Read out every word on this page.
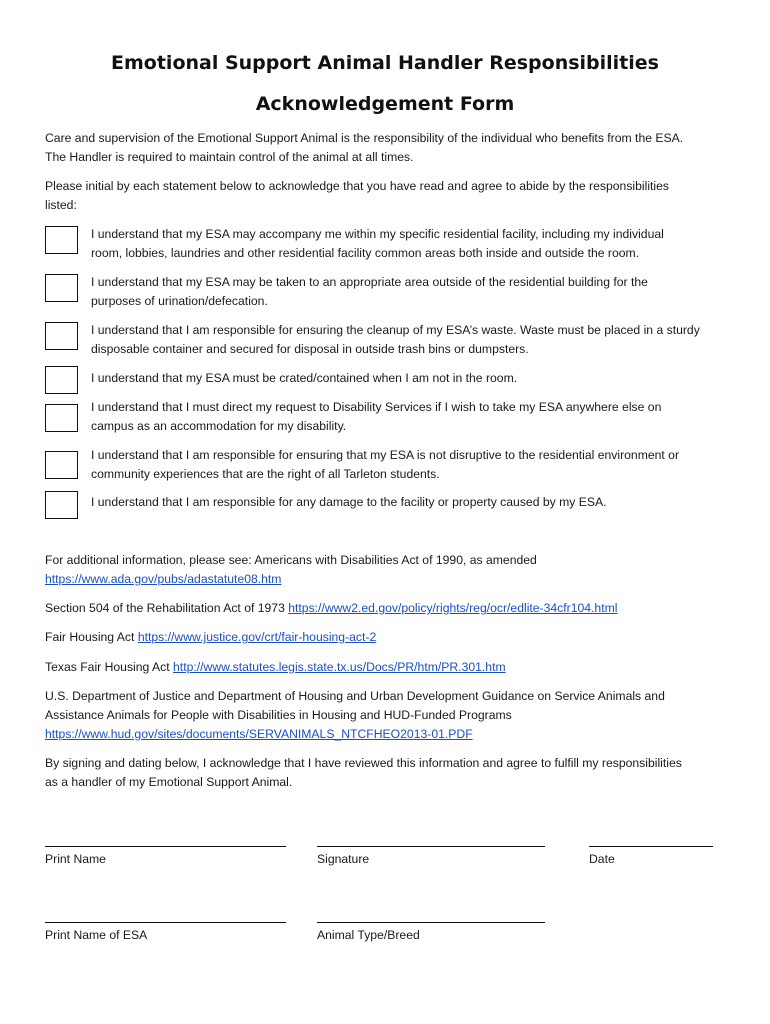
Emotional Support Animal Handler Responsibilities
Acknowledgement Form
Care and supervision of the Emotional Support Animal is the responsibility of the individual who benefits from the ESA.
The Handler is required to maintain control of the animal at all times.
Please initial by each statement below to acknowledge that you have read and agree to abide by the responsibilities
listed:
I understand that my ESA may accompany me within my specific residential facility, including my individual
room, lobbies, laundries and other residential facility common areas both inside and outside the room.
I understand that my ESA may be taken to an appropriate area outside of the residential building for the
purposes of urination/defecation.
I understand that I am responsible for ensuring the cleanup of my ESA’s waste. Waste must be placed in a sturdy
disposable container and secured for disposal in outside trash bins or dumpsters.
I understand that my ESA must be crated/contained when I am not in the room.
I understand that I must direct my request to Disability Services if I wish to take my ESA anywhere else on
campus as an accommodation for my disability.
I understand that I am responsible for ensuring that my ESA is not disruptive to the residential environment or
community experiences that are the right of all Tarleton students.
I understand that I am responsible for any damage to the facility or property caused by my ESA.
For additional information, please see: Americans with Disabilities Act of 1990, as amended
https://www.ada.gov/pubs/adastatute08.htm
Section 504 of the Rehabilitation Act of 1973 https://www2.ed.gov/policy/rights/reg/ocr/edlite-34cfr104.html
Fair Housing Act https://www.justice.gov/crt/fair-housing-act-2
Texas Fair Housing Act http://www.statutes.legis.state.tx.us/Docs/PR/htm/PR.301.htm
U.S. Department of Justice and Department of Housing and Urban Development Guidance on Service Animals and
Assistance Animals for People with Disabilities in Housing and HUD-Funded Programs
https://www.hud.gov/sites/documents/SERVANIMALS_NTCFHEO2013-01.PDF
By signing and dating below, I acknowledge that I have reviewed this information and agree to fulfill my responsibilities
as a handler of my Emotional Support Animal.
Print Name	Signature	Date
Print Name of ESA	Animal Type/Breed
